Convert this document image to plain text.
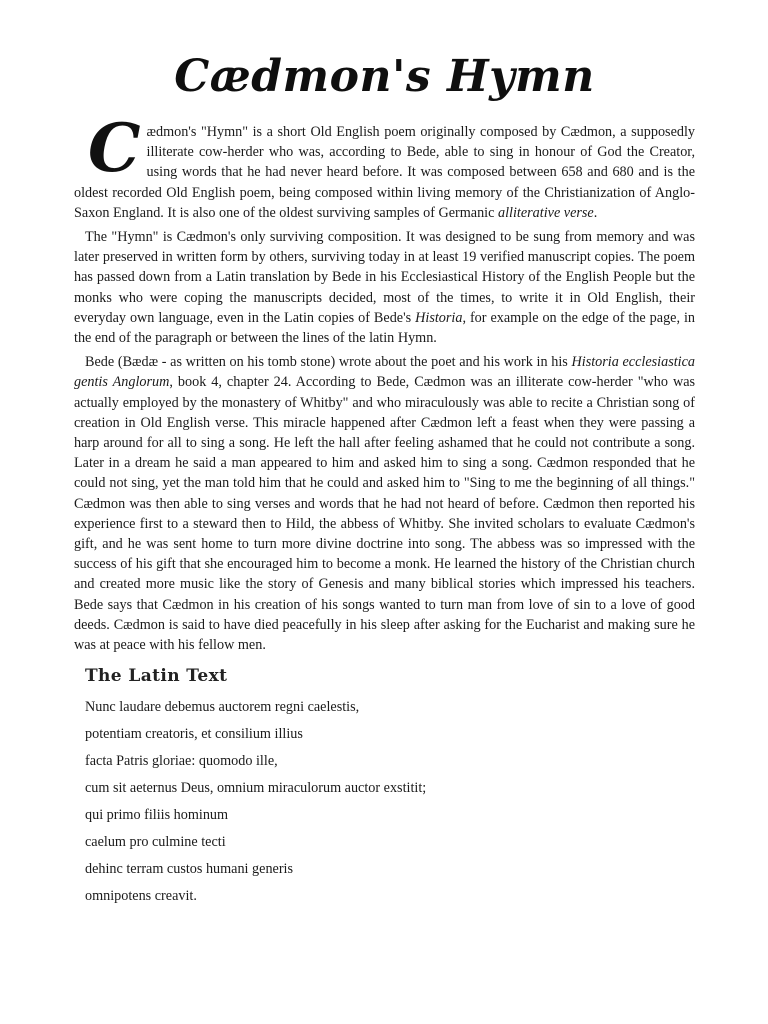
Cædmon's Hymn

Cædmon's "Hymn" is a short Old English poem originally composed by Cædmon, a supposedly illiterate cow-herder who was, according to Bede, able to sing in honour of God the Creator, using words that he had never heard before. It was composed between 658 and 680 and is the oldest recorded Old English poem, being composed within living memory of the Christianization of Anglo-Saxon England. It is also one of the oldest surviving samples of Germanic alliterative verse.

The "Hymn" is Cædmon's only surviving composition. It was designed to be sung from memory and was later preserved in written form by others, surviving today in at least 19 verified manuscript copies. The poem has passed down from a Latin translation by Bede in his Ecclesiastical History of the English People but the monks who were coping the manuscripts decided, most of the times, to write it in Old English, their everyday own language, even in the Latin copies of Bede's Historia, for example on the edge of the page, in the end of the paragraph or between the lines of the latin Hymn.

Bede (Bædæ - as written on his tomb stone) wrote about the poet and his work in his Historia ecclesiastica gentis Anglorum, book 4, chapter 24. According to Bede, Cædmon was an illiterate cow-herder "who was actually employed by the monastery of Whitby" and who miraculously was able to recite a Christian song of creation in Old English verse. This miracle happened after Cædmon left a feast when they were passing a harp around for all to sing a song. He left the hall after feeling ashamed that he could not contribute a song. Later in a dream he said a man appeared to him and asked him to sing a song. Cædmon responded that he could not sing, yet the man told him that he could and asked him to "Sing to me the beginning of all things." Cædmon was then able to sing verses and words that he had not heard of before. Cædmon then reported his experience first to a steward then to Hild, the abbess of Whitby. She invited scholars to evaluate Cædmon's gift, and he was sent home to turn more divine doctrine into song. The abbess was so impressed with the success of his gift that she encouraged him to become a monk. He learned the history of the Christian church and created more music like the story of Genesis and many biblical stories which impressed his teachers. Bede says that Cædmon in his creation of his songs wanted to turn man from love of sin to a love of good deeds. Cædmon is said to have died peacefully in his sleep after asking for the Eucharist and making sure he was at peace with his fellow men.

The Latin Text
Nunc laudare debemus auctorem regni caelestis,
potentiam creatoris, et consilium illius
facta Patris gloriae: quomodo ille,
cum sit aeternus Deus, omnium miraculorum auctor exstitit;
qui primo filiis hominum
caelum pro culmine tecti
dehinc terram custos humani generis
omnipotens creavit.
